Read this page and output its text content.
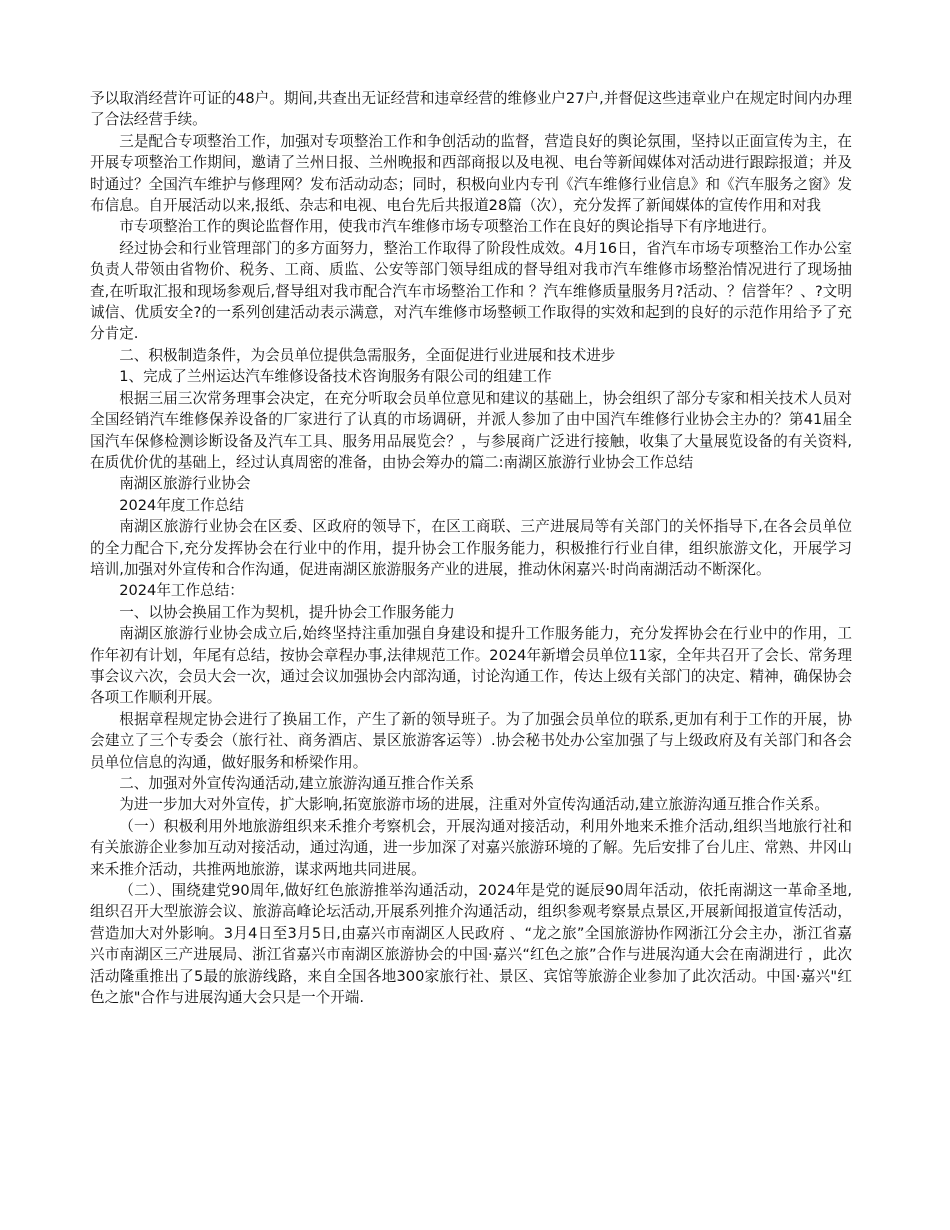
予以取消经营许可证的48户。期间,共查出无证经营和违章经营的维修业户27户,并督促这些违章业户在规定时间内办理了合法经营手续。

三是配合专项整治工作，加强对专项整治工作和争创活动的监督，营造良好的舆论氛围，坚持以正面宣传为主，在开展专项整治工作期间，邀请了兰州日报、兰州晚报和西部商报以及电视、电台等新闻媒体对活动进行跟踪报道；并及时通过？全国汽车维护与修理网？发布活动动态；同时，积极向业内专刊《汽车维修行业信息》和《汽车服务之窗》发布信息。自开展活动以来,报纸、杂志和电视、电台先后共报道28篇（次），充分发挥了新闻媒体的宣传作用和对我

市专项整治工作的舆论监督作用，使我市汽车维修市场专项整治工作在良好的舆论指导下有序地进行。

经过协会和行业管理部门的多方面努力，整治工作取得了阶段性成效。4月16日，省汽车市场专项整治工作办公室负责人带领由省物价、税务、工商、质监、公安等部门领导组成的督导组对我市汽车维修市场整治情况进行了现场抽查,在听取汇报和现场参观后,督导组对我市配合汽车市场整治工作和 ？汽车维修质量服务月?活动、？信誉年？、?文明诚信、优质安全?的一系列创建活动表示满意，对汽车维修市场整顿工作取得的实效和起到的良好的示范作用给予了充分肯定.

二、积极制造条件，为会员单位提供急需服务，全面促进行业进展和技术进步

1、完成了兰州运达汽车维修设备技术咨询服务有限公司的组建工作

根据三届三次常务理事会决定，在充分听取会员单位意见和建议的基础上，协会组织了部分专家和相关技术人员对全国经销汽车维修保养设备的厂家进行了认真的市场调研，并派人参加了由中国汽车维修行业协会主办的？第41届全国汽车保修检测诊断设备及汽车工具、服务用品展览会？，与参展商广泛进行接触，收集了大量展览设备的有关资料,在质优价优的基础上，经过认真周密的准备，由协会筹办的篇二:南湖区旅游行业协会工作总结

南湖区旅游行业协会

2024年度工作总结

南湖区旅游行业协会在区委、区政府的领导下，在区工商联、三产进展局等有关部门的关怀指导下,在各会员单位的全力配合下,充分发挥协会在行业中的作用，提升协会工作服务能力，积极推行行业自律，组织旅游文化，开展学习培训,加强对外宣传和合作沟通，促进南湖区旅游服务产业的进展，推动休闲嘉兴·时尚南湖活动不断深化。

2024年工作总结：

一、以协会换届工作为契机，提升协会工作服务能力

南湖区旅游行业协会成立后,始终坚持注重加强自身建设和提升工作服务能力，充分发挥协会在行业中的作用，工作年初有计划，年尾有总结，按协会章程办事,法律规范工作。2024年新增会员单位11家，全年共召开了会长、常务理事会议六次，会员大会一次，通过会议加强协会内部沟通，讨论沟通工作，传达上级有关部门的决定、精神，确保协会各项工作顺利开展。

根据章程规定协会进行了换届工作，产生了新的领导班子。为了加强会员单位的联系,更加有利于工作的开展，协会建立了三个专委会（旅行社、商务酒店、景区旅游客运等）.协会秘书处办公室加强了与上级政府及有关部门和各会员单位信息的沟通，做好服务和桥梁作用。

二、加强对外宣传沟通活动,建立旅游沟通互推合作关系

为进一步加大对外宣传，扩大影响,拓宽旅游市场的进展，注重对外宣传沟通活动,建立旅游沟通互推合作关系。

（一）积极利用外地旅游组织来禾推介考察机会，开展沟通对接活动，利用外地来禾推介活动,组织当地旅行社和有关旅游企业参加互动对接活动，通过沟通，进一步加深了对嘉兴旅游环境的了解。先后安排了台儿庄、常熟、井冈山来禾推介活动，共推两地旅游，谋求两地共同进展。

（二）、围绕建党90周年,做好红色旅游推举沟通活动，2024年是党的诞辰90周年活动，依托南湖这一革命圣地,组织召开大型旅游会议、旅游高峰论坛活动,开展系列推介沟通活动，组织参观考察景点景区,开展新闻报道宣传活动，营造加大对外影响。3月4日至3月5日,由嘉兴市南湖区人民政府 、“龙之旅”全国旅游协作网浙江分会主办，浙江省嘉兴市南湖区三产进展局、浙江省嘉兴市南湖区旅游协会的中国·嘉兴“红色之旅”合作与进展沟通大会在南湖进行 ，此次活动隆重推出了5最的旅游线路，来自全国各地300家旅行社、景区、宾馆等旅游企业参加了此次活动。中国·嘉兴"红色之旅"合作与进展沟通大会只是一个开端.
